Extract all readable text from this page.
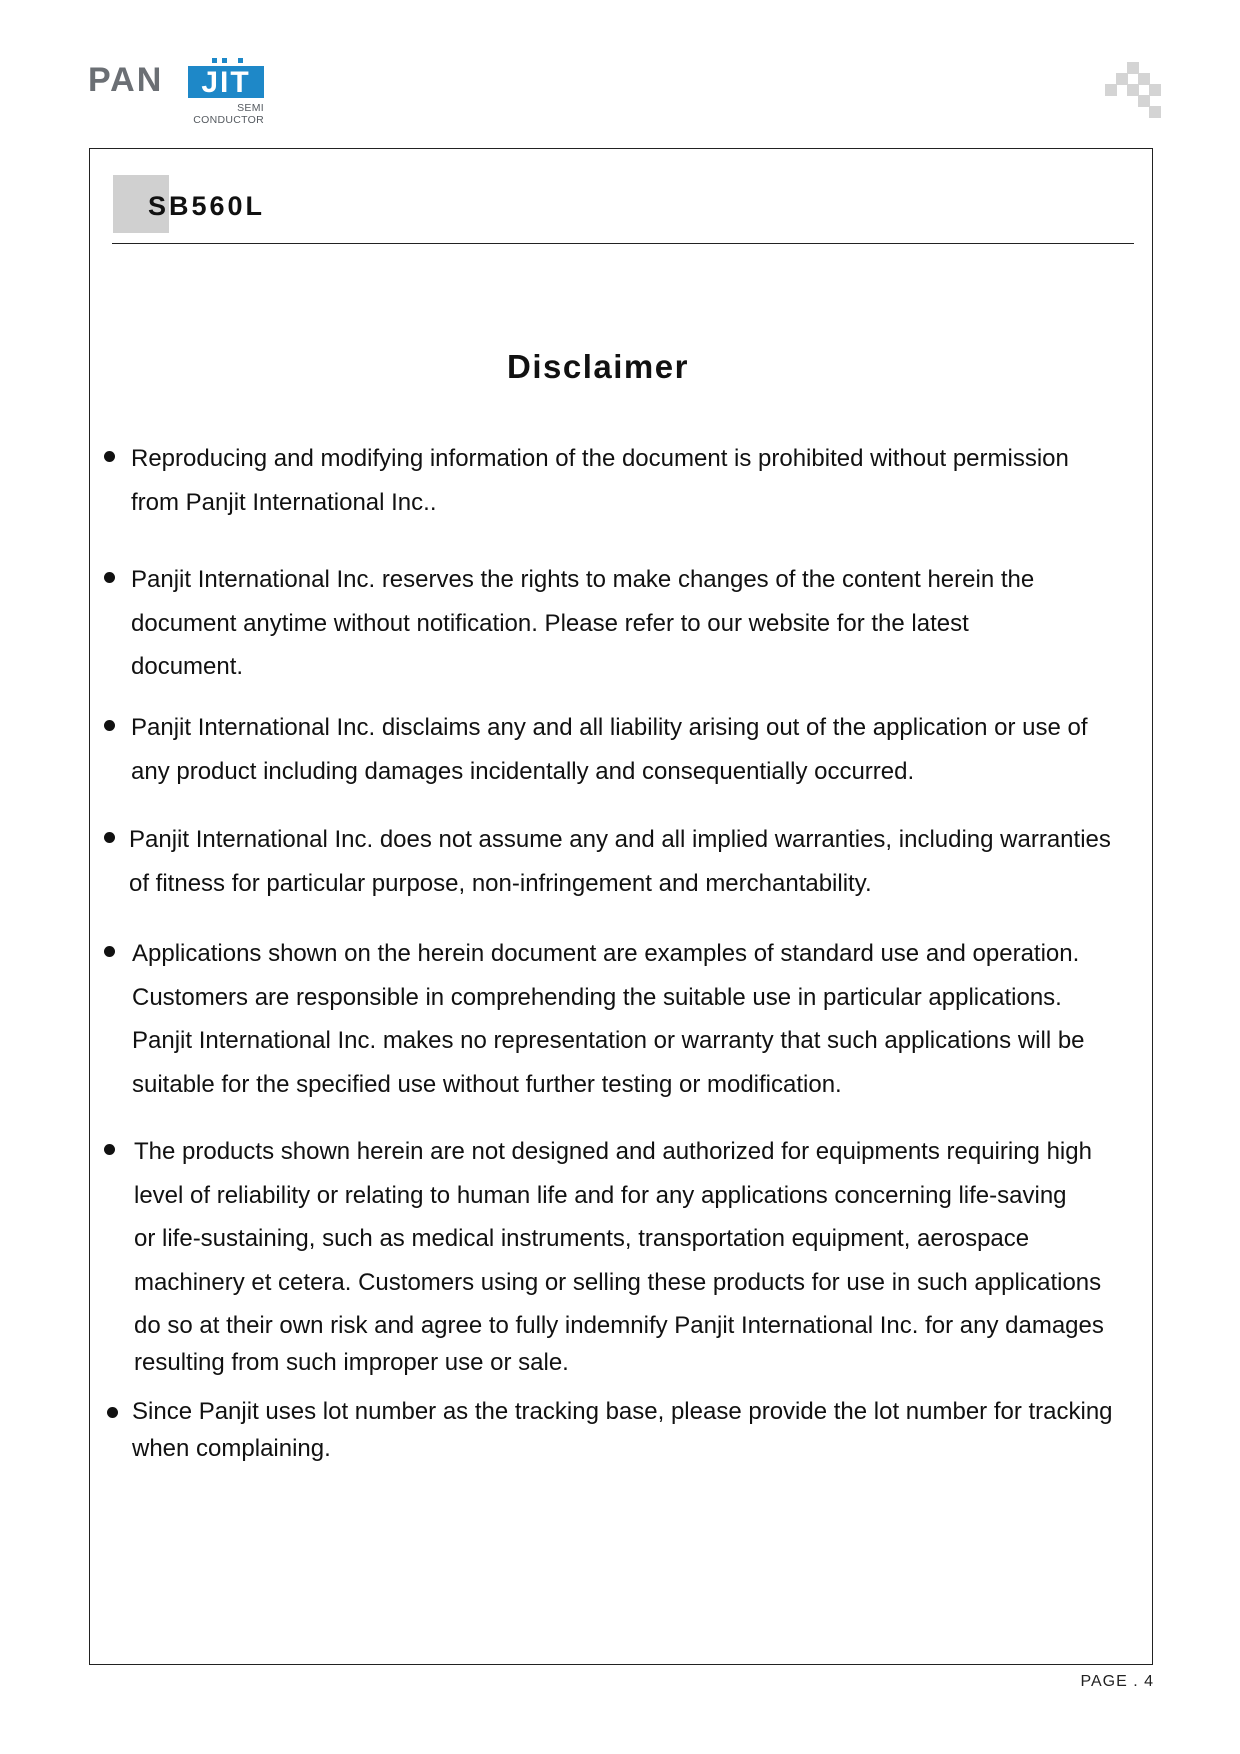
PAN	JIT
SEMI
CONDUCTOR
SB560L
Disclaimer
Reproducing and modifying information of the document is prohibited without permission
from Panjit International Inc..
Panjit International Inc. reserves the rights to make changes of the content herein the
document anytime without notification. Please refer to our website for the latest
document.
Panjit International Inc. disclaims any and all liability arising out of the application or use of
any product including damages incidentally and consequentially occurred.
Panjit International Inc. does not assume any and all implied warranties, including warranties
of fitness for particular purpose, non-infringement and merchantability.
Applications shown on the herein document are examples of standard use and operation.
Customers are responsible in comprehending the suitable use in particular applications.
Panjit International Inc. makes no representation or warranty that such applications will be
suitable for the specified use without further testing or modification.
The products shown herein are not designed and authorized for equipments requiring high
level of reliability or relating to human life and for any applications concerning life-saving
or life-sustaining, such as medical instruments, transportation equipment, aerospace
machinery et cetera. Customers using or selling these products for use in such applications
do so at their own risk and agree to fully indemnify Panjit International Inc. for any damages
resulting from such improper use or sale.
Since Panjit uses lot number as the tracking base, please provide the lot number for tracking
when complaining.
PAGE . 4
